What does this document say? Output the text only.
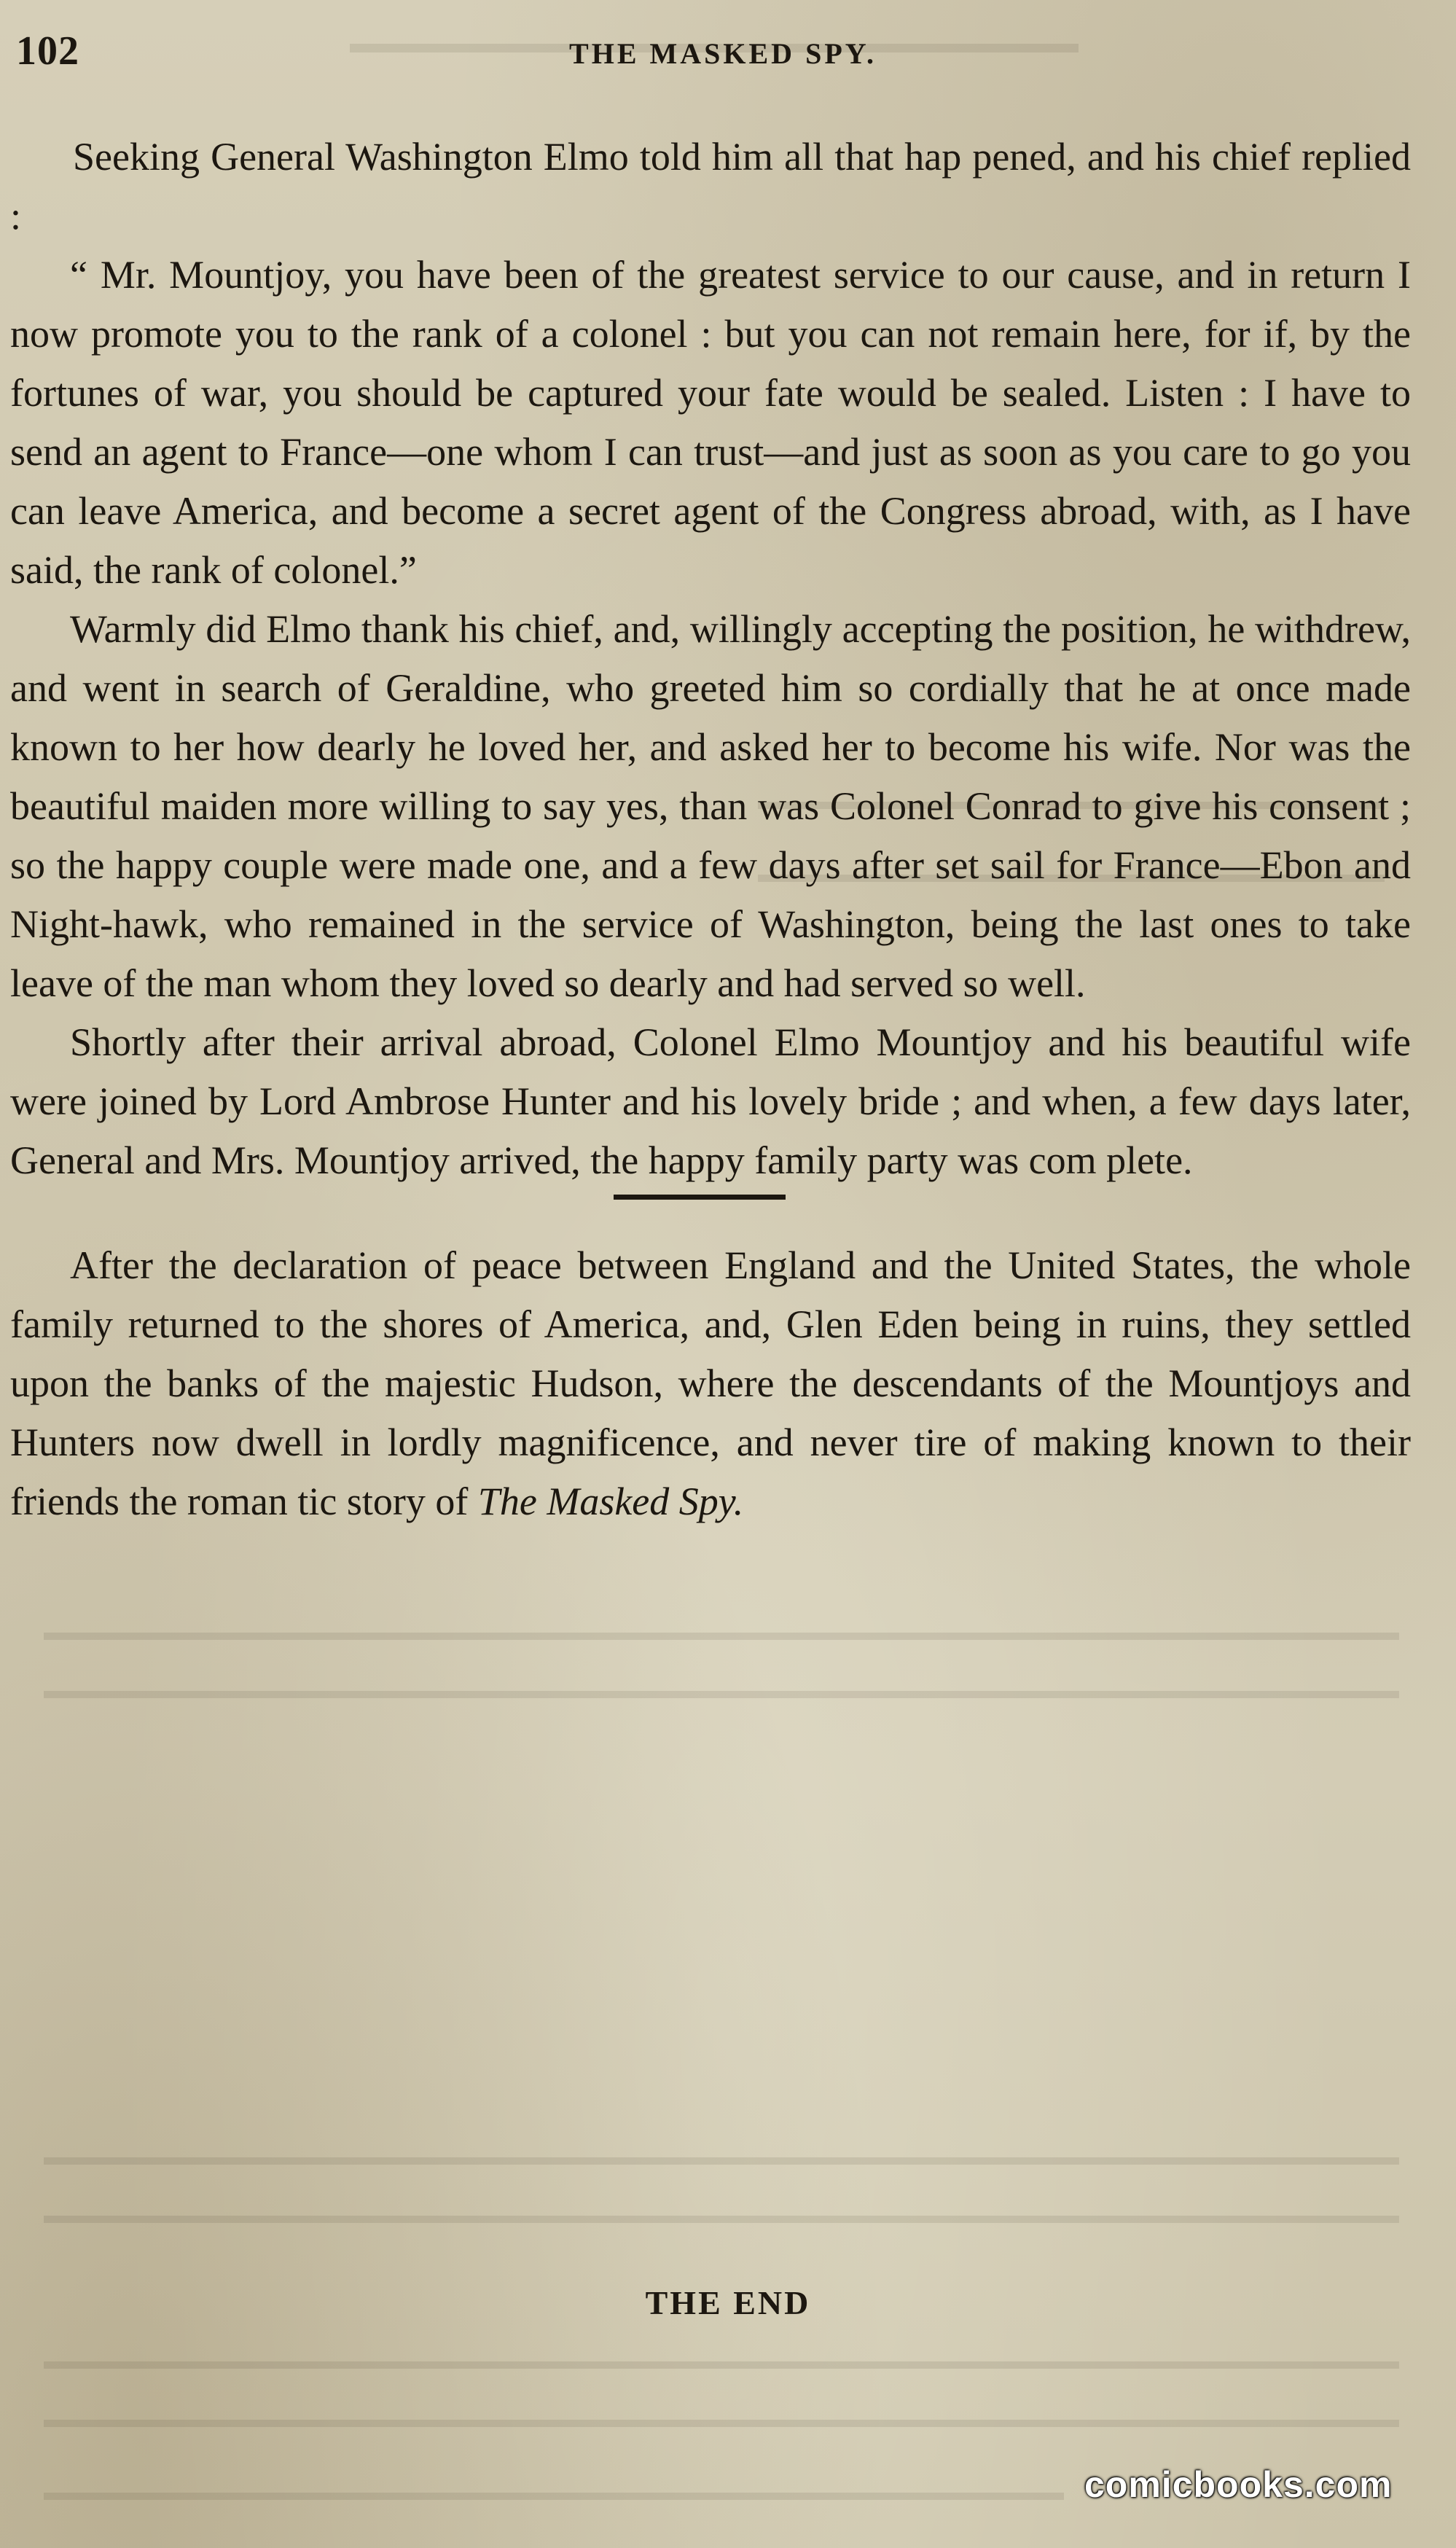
102	THE MASKED SPY.

Seeking General Washington Elmo told him all that hap pened, and his chief replied :

“ Mr. Mountjoy, you have been of the greatest service to our cause, and in return I now promote you to the rank of a colonel : but you can not remain here, for if, by the fortunes of war, you should be captured your fate would be sealed. Listen : I have to send an agent to France—one whom I can trust—and just as soon as you care to go you can leave America, and become a secret agent of the Congress abroad, with, as I have said, the rank of colonel.”

Warmly did Elmo thank his chief, and, willingly accepting the position, he withdrew, and went in search of Geraldine, who greeted him so cordially that he at once made known to her how dearly he loved her, and asked her to become his wife. Nor was the beautiful maiden more willing to say yes, than was Colonel Conrad to give his consent ; so the happy couple were made one, and a few days after set sail for France—Ebon and Night-hawk, who remained in the service of Washington, being the last ones to take leave of the man whom they loved so dearly and had served so well.

Shortly after their arrival abroad, Colonel Elmo Mountjoy and his beautiful wife were joined by Lord Ambrose Hunter and his lovely bride ; and when, a few days later, General and Mrs. Mountjoy arrived, the happy family party was com plete.

After the declaration of peace between England and the United States, the whole family returned to the shores of America, and, Glen Eden being in ruins, they settled upon the banks of the majestic Hudson, where the descendants of the Mountjoys and Hunters now dwell in lordly magnificence, and never tire of making known to their friends the roman tic story of The Masked Spy.

THE END
comicbooks.com
